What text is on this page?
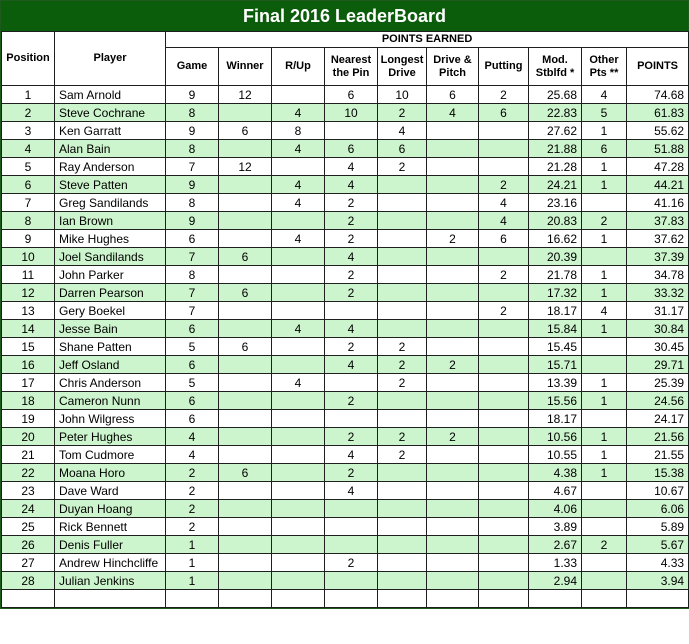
Final 2016 LeaderBoard
Position	Player	POINTS EARNED									
		Game	Winner	R/Up	Nearest the Pin	Longest Drive	Drive & Pitch	Putting	Mod. Stblfd *	Other Pts **	POINTS
1	Sam Arnold	9	12		6	10	6	2	25.68	4	74.68
2	Steve Cochrane	8		4	10	2	4	6	22.83	5	61.83
3	Ken Garratt	9	6	8		4			27.62	1	55.62
4	Alan Bain	8		4	6	6			21.88	6	51.88
5	Ray Anderson	7	12		4	2			21.28	1	47.28
6	Steve Patten	9		4	4			2	24.21	1	44.21
7	Greg Sandilands	8		4	2			4	23.16		41.16
8	Ian Brown	9			2			4	20.83	2	37.83
9	Mike Hughes	6		4	2		2	6	16.62	1	37.62
10	Joel Sandilands	7	6		4				20.39		37.39
11	John Parker	8			2			2	21.78	1	34.78
12	Darren Pearson	7	6		2				17.32	1	33.32
13	Gery Boekel	7						2	18.17	4	31.17
14	Jesse Bain	6		4	4				15.84	1	30.84
15	Shane Patten	5	6		2	2			15.45		30.45
16	Jeff Osland	6			4	2	2		15.71		29.71
17	Chris Anderson	5		4		2			13.39	1	25.39
18	Cameron Nunn	6			2				15.56	1	24.56
19	John Wilgress	6							18.17		24.17
20	Peter Hughes	4			2	2	2		10.56	1	21.56
21	Tom Cudmore	4			4	2			10.55	1	21.55
22	Moana Horo	2	6		2				4.38	1	15.38
23	Dave Ward	2			4				4.67		10.67
24	Duyan Hoang	2							4.06		6.06
25	Rick Bennett	2							3.89		5.89
26	Denis Fuller	1							2.67	2	5.67
27	Andrew Hinchcliffe	1			2				1.33		4.33
28	Julian Jenkins	1							2.94		3.94
